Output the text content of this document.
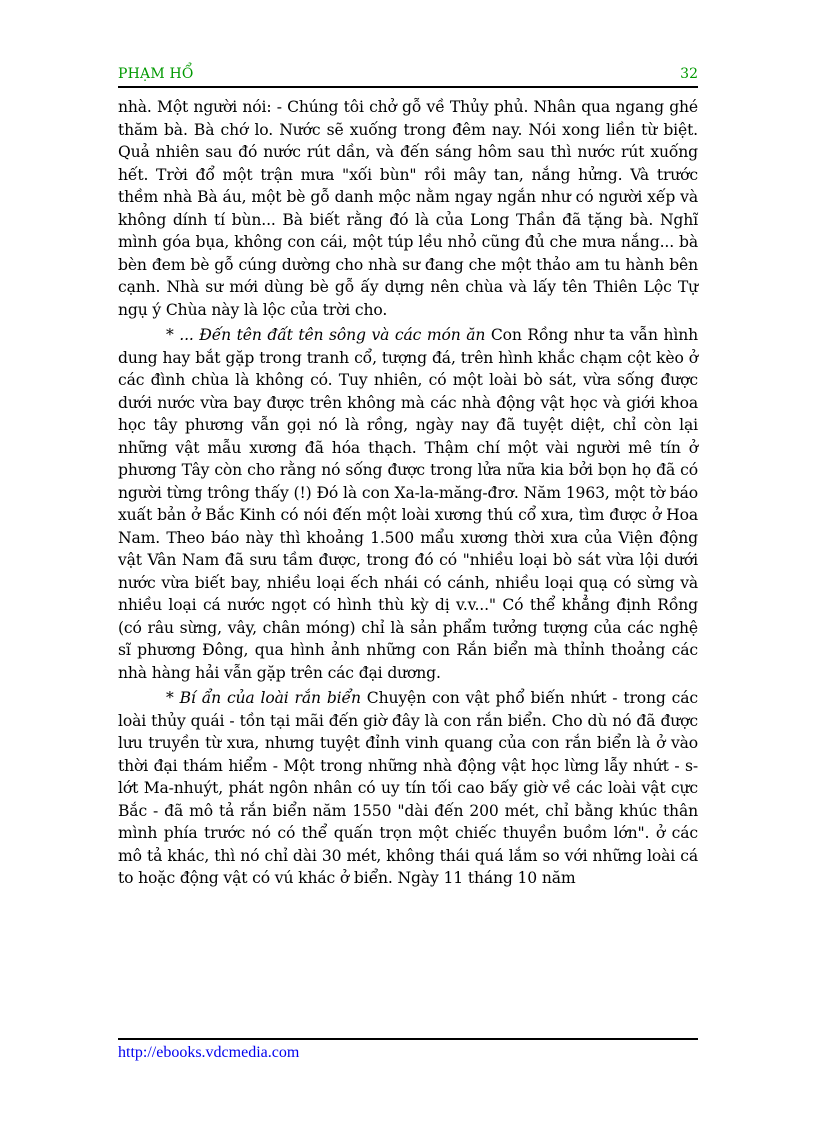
PHẠM HỔ	32

nhà. Một người nói: - Chúng tôi chở gỗ về Thủy phủ. Nhân qua ngang ghé thăm bà. Bà chớ lo. Nước sẽ xuống trong đêm nay. Nói xong liền từ biệt. Quả nhiên sau đó nước rút dần, và đến sáng hôm sau thì nước rút xuống hết. Trời đổ một trận mưa "xối bùn" rồi mây tan, nắng hửng. Và trước thềm nhà Bà áu, một bè gỗ danh mộc nằm ngay ngắn như có người xếp và không dính tí bùn... Bà biết rằng đó là của Long Thần đã tặng bà. Nghĩ mình góa bụa, không con cái, một túp lều nhỏ cũng đủ che mưa nắng... bà bèn đem bè gỗ cúng dường cho nhà sư đang che một thảo am tu hành bên cạnh. Nhà sư mới dùng bè gỗ ấy dựng nên chùa và lấy tên Thiên Lộc Tự ngụ ý Chùa này là lộc của trời cho.

* ... Đến tên đất tên sông và các món ăn Con Rồng như ta vẫn hình dung hay bắt gặp trong tranh cổ, tượng đá, trên hình khắc chạm cột kèo ở các đình chùa là không có. Tuy nhiên, có một loài bò sát, vừa sống được dưới nước vừa bay được trên không mà các nhà động vật học và giới khoa học tây phương vẫn gọi nó là rồng, ngày nay đã tuyệt diệt, chỉ còn lại những vật mẫu xương đã hóa thạch. Thậm chí một vài người mê tín ở phương Tây còn cho rằng nó sống được trong lửa nữa kia bởi bọn họ đã có người từng trông thấy (!) Đó là con Xa-la-măng-đrơ. Năm 1963, một tờ báo xuất bản ở Bắc Kinh có nói đến một loài xương thú cổ xưa, tìm được ở Hoa Nam. Theo báo này thì khoảng 1.500 mẩu xương thời xưa của Viện động vật Vân Nam đã sưu tầm được, trong đó có "nhiều loại bò sát vừa lội dưới nước vừa biết bay, nhiều loại ếch nhái có cánh, nhiều loại quạ có sừng và nhiều loại cá nước ngọt có hình thù kỳ dị v.v..." Có thể khẳng định Rồng (có râu sừng, vây, chân móng) chỉ là sản phẩm tưởng tượng của các nghệ sĩ phương Đông, qua hình ảnh những con Rắn biển mà thỉnh thoảng các nhà hàng hải vẫn gặp trên các đại dương.

* Bí ẩn của loài rắn biển Chuyện con vật phổ biến nhứt - trong các loài thủy quái - tồn tại mãi đến giờ đây là con rắn biển. Cho dù nó đã được lưu truyền từ xưa, nhưng tuyệt đỉnh vinh quang của con rắn biển là ở vào thời đại thám hiểm - Một trong những nhà động vật học lừng lẫy nhứt - s-lớt Ma-nhuýt, phát ngôn nhân có uy tín tối cao bấy giờ về các loài vật cực Bắc - đã mô tả rắn biển năm 1550 "dài đến 200 mét, chỉ bằng khúc thân mình phía trước nó có thể quấn trọn một chiếc thuyền buồm lớn". ở các mô tả khác, thì nó chỉ dài 30 mét, không thái quá lắm so với những loài cá to hoặc động vật có vú khác ở biển. Ngày 11 tháng 10 năm

http://ebooks.vdcmedia.com
